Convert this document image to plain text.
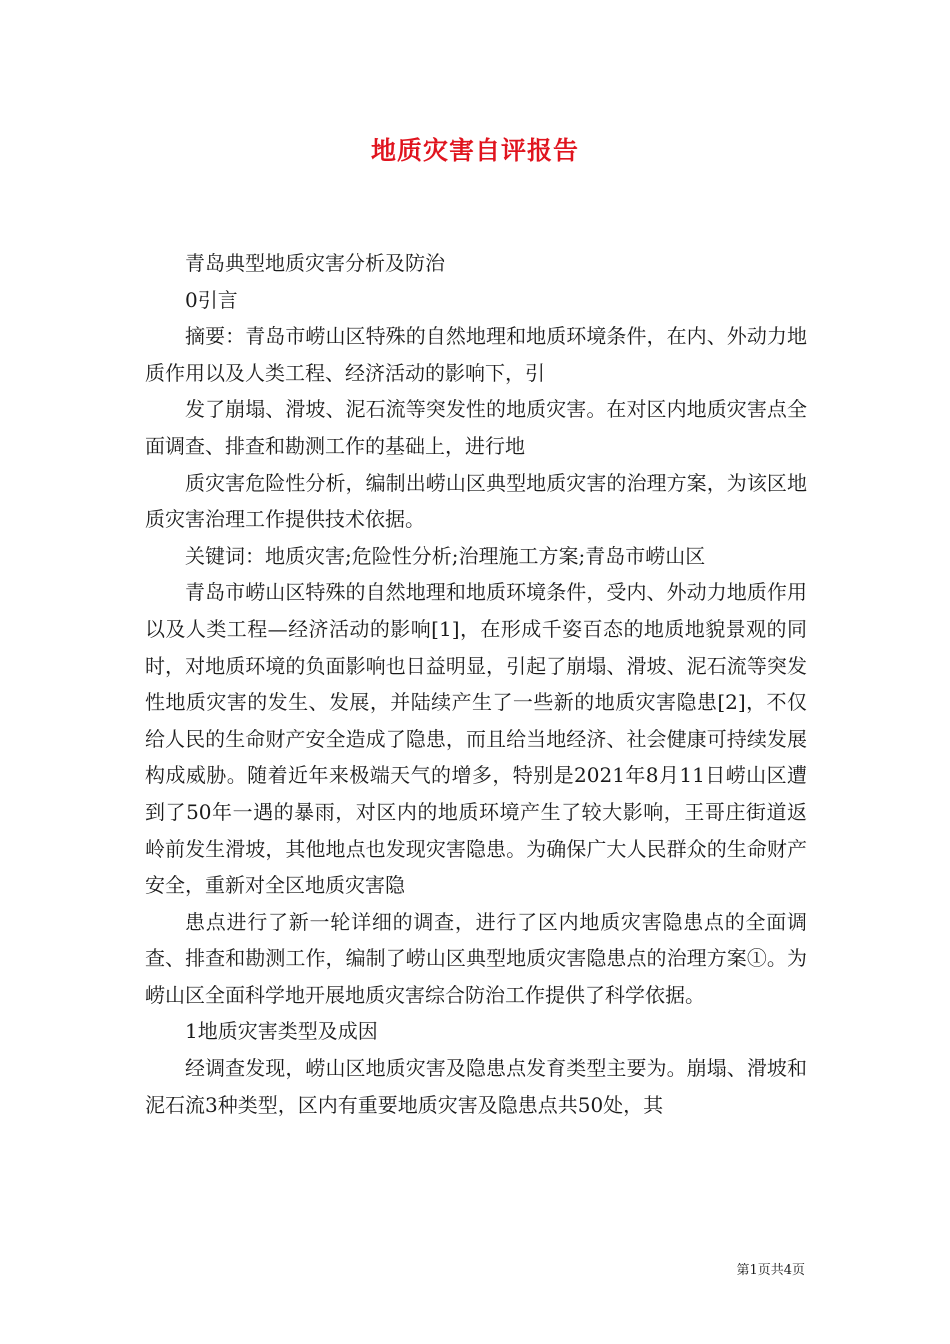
地质灾害自评报告

青岛典型地质灾害分析及防治

0引言

摘要：青岛市崂山区特殊的自然地理和地质环境条件，在内、外动力地质作用以及人类工程、经济活动的影响下，引

发了崩塌、滑坡、泥石流等突发性的地质灾害。在对区内地质灾害点全面调查、排查和勘测工作的基础上，进行地

质灾害危险性分析，编制出崂山区典型地质灾害的治理方案，为该区地质灾害治理工作提供技术依据。

关键词：地质灾害;危险性分析;治理施工方案;青岛市崂山区

青岛市崂山区特殊的自然地理和地质环境条件，受内、外动力地质作用以及人类工程—经济活动的影响[1]，在形成千姿百态的地质地貌景观的同时，对地质环境的负面影响也日益明显，引起了崩塌、滑坡、泥石流等突发性地质灾害的发生、发展，并陆续产生了一些新的地质灾害隐患[2]，不仅给人民的生命财产安全造成了隐患，而且给当地经济、社会健康可持续发展构成威胁。随着近年来极端天气的增多，特别是2021年8月11日崂山区遭到了50年一遇的暴雨，对区内的地质环境产生了较大影响，王哥庄街道返岭前发生滑坡，其他地点也发现灾害隐患。为确保广大人民群众的生命财产安全，重新对全区地质灾害隐

患点进行了新一轮详细的调查，进行了区内地质灾害隐患点的全面调查、排查和勘测工作，编制了崂山区典型地质灾害隐患点的治理方案①。为崂山区全面科学地开展地质灾害综合防治工作提供了科学依据。

1地质灾害类型及成因

经调查发现，崂山区地质灾害及隐患点发育类型主要为。崩塌、滑坡和泥石流3种类型，区内有重要地质灾害及隐患点共50处，其

第1页共4页
